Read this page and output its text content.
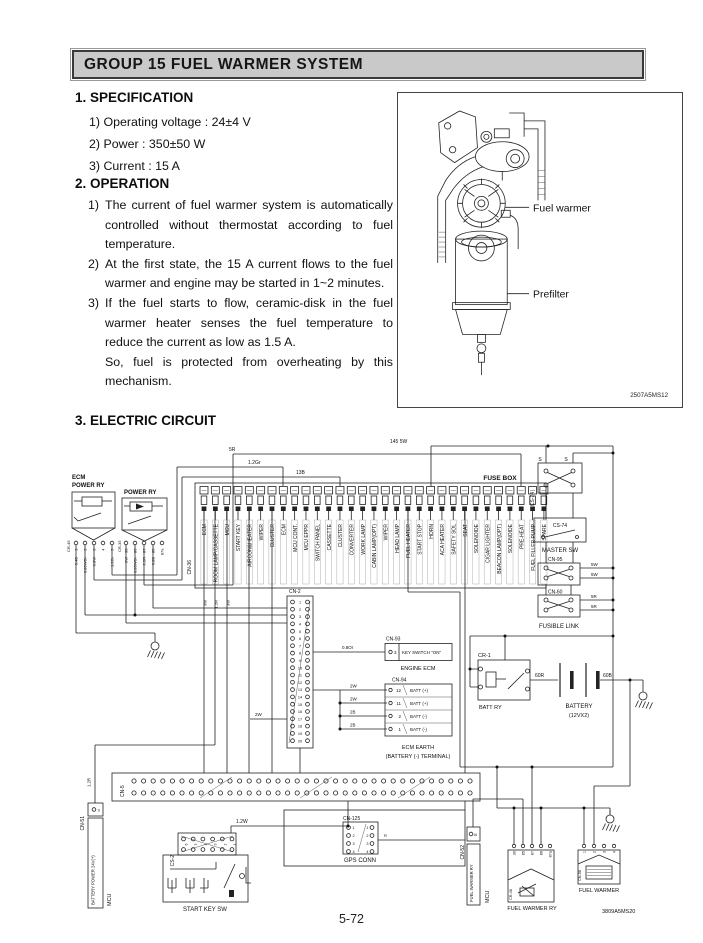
GROUP 15 FUEL WARMER SYSTEM
1. SPECIFICATION
1) Operating voltage : 24±4 V
2) Power : 350±50 W
3) Current : 15 A
2. OPERATION
1) The current of fuel warmer system is automatically controlled without thermostat according to fuel temperature.
2) At the first state, the 15 A current flows to the fuel warmer and engine may be started in 1~2 minutes.
3) If the fuel starts to flow, ceramic-disk in the fuel warmer heater senses the fuel temperature to reduce the current as low as 1.5 A.
So, fuel is protected from overheating by this mechanism.
Fuel warmer
Prefilter
2507A5MS12
3. ELECTRIC CIRCUIT
5R
1.2Gr
13B
145 5W
ECM
POWER RY
CR-45 1
0.4B
2
0.85WOr
3
0.8W
4 5
1.2Gr
POWER RY
CR-35 30
2W
86
0.85WOr
87
2.5R
85
0.8B
87a
FUSE BOX
CN-36
ECM ROOM LAMP/CASSETTE MCU START KEY AIRCON&HEATER WIPER CLUSTER ECM MCU CONT. MCU EPPR SWITCH PANEL CASSETTE CLUSTER CONVERTER WORK LAMP CABIN LAMP(OPT) WIPER HEAD LAMP FUEL HEATER START STOP HORN ACA HEATER SAFETY SOL SEAT SOLENOIDE CIGAR LIGHTER BEACON LAMP(OPT) SOLENOIDE PRE-HEAT FUEL FILLER PUMP SPARE
3W 1.2R 3W
S	S
CS-74
CS-74
MASTER SW
CN-95
5W
5W
CN-60
5R
5R
FUSIBLE LINK
CN-2
1
2
3
4
5
6
7
8
9
10
11
12
13
14
15
16
17
18
19
20
2W
0.8Or
CN-93
3 KEY SWITCH "ON"
ENGINE ECM
CN-94
2W
12 BATT (+)
2W
11 BATT (+)
2B
2 BATT (-)
2B
1 BATT (-)
ECM EARTH
(BATTERY (-) TERMINAL)
CR-1
BATT RY
60R	60B
BATTERY
(12VX2)
CN-5
1.2R
CN-51
3
BATTERY POWER 24V(+) MCU
1.2W
CS-2
6 5 4 3 2 1
START KEY SW
CN-125
1	1
2	2
3	3
4	4
R
GPS CONN
CN-52
16
FUEL WARMER RY MCU
30 85 87 86 87a
CR-46
FUEL WARMER RY
1 2 3 4
CN-96
FUEL WARMER
3809A5MS20
5-72
